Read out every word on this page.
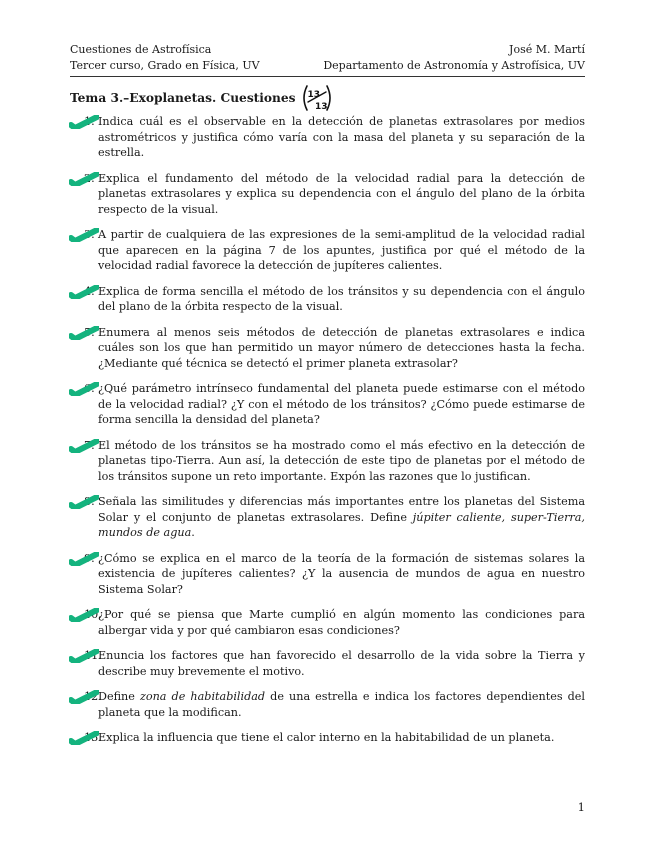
Cuestiones de Astrofísica	José M. Martí
Tercer curso, Grado en Física, UV	Departamento de Astronomía y Astrofísica, UV
Tema 3.–Exoplanetas. Cuestiones 13
13
1. Indica cuál es el observable en la detección de planetas extrasolares por medios astrométricos y justifica cómo varía con la masa del planeta y su separación de la estrella.
2. Explica el fundamento del método de la velocidad radial para la detección de planetas extrasolares y explica su dependencia con el ángulo del plano de la órbita respecto de la visual.
3. A partir de cualquiera de las expresiones de la semi-amplitud de la velocidad radial que aparecen en la página 7 de los apuntes, justifica por qué el método de la velocidad radial favorece la detección de jupíteres calientes.
4. Explica de forma sencilla el método de los tránsitos y su dependencia con el ángulo del plano de la órbita respecto de la visual.
5. Enumera al menos seis métodos de detección de planetas extrasolares e indica cuáles son los que han permitido un mayor número de detecciones hasta la fecha. ¿Mediante qué técnica se detectó el primer planeta extrasolar?
6. ¿Qué parámetro intrínseco fundamental del planeta puede estimarse con el método de la velocidad radial? ¿Y con el método de los tránsitos? ¿Cómo puede estimarse de forma sencilla la densidad del planeta?
7. El método de los tránsitos se ha mostrado como el más efectivo en la detección de planetas tipo-Tierra. Aun así, la detección de este tipo de planetas por el método de los tránsitos supone un reto importante. Expón las razones que lo justifican.
8. Señala las similitudes y diferencias más importantes entre los planetas del Sistema Solar y el conjunto de planetas extrasolares. Define júpiter caliente, super-Tierra, mundos de agua.
9. ¿Cómo se explica en el marco de la teoría de la formación de sistemas solares la existencia de jupíteres calientes? ¿Y la ausencia de mundos de agua en nuestro Sistema Solar?
10.
¿Por qué se piensa que Marte cumplió en algún momento las condiciones para albergar vida y por qué cambiaron esas condiciones?
11.
Enuncia los factores que han favorecido el desarrollo de la vida sobre la Tierra y describe muy brevemente el motivo.
12.
Define zona de habitabilidad de una estrella e indica los factores dependientes del planeta que la modifican.
13.
Explica la influencia que tiene el calor interno en la habitabilidad de un planeta.
1
